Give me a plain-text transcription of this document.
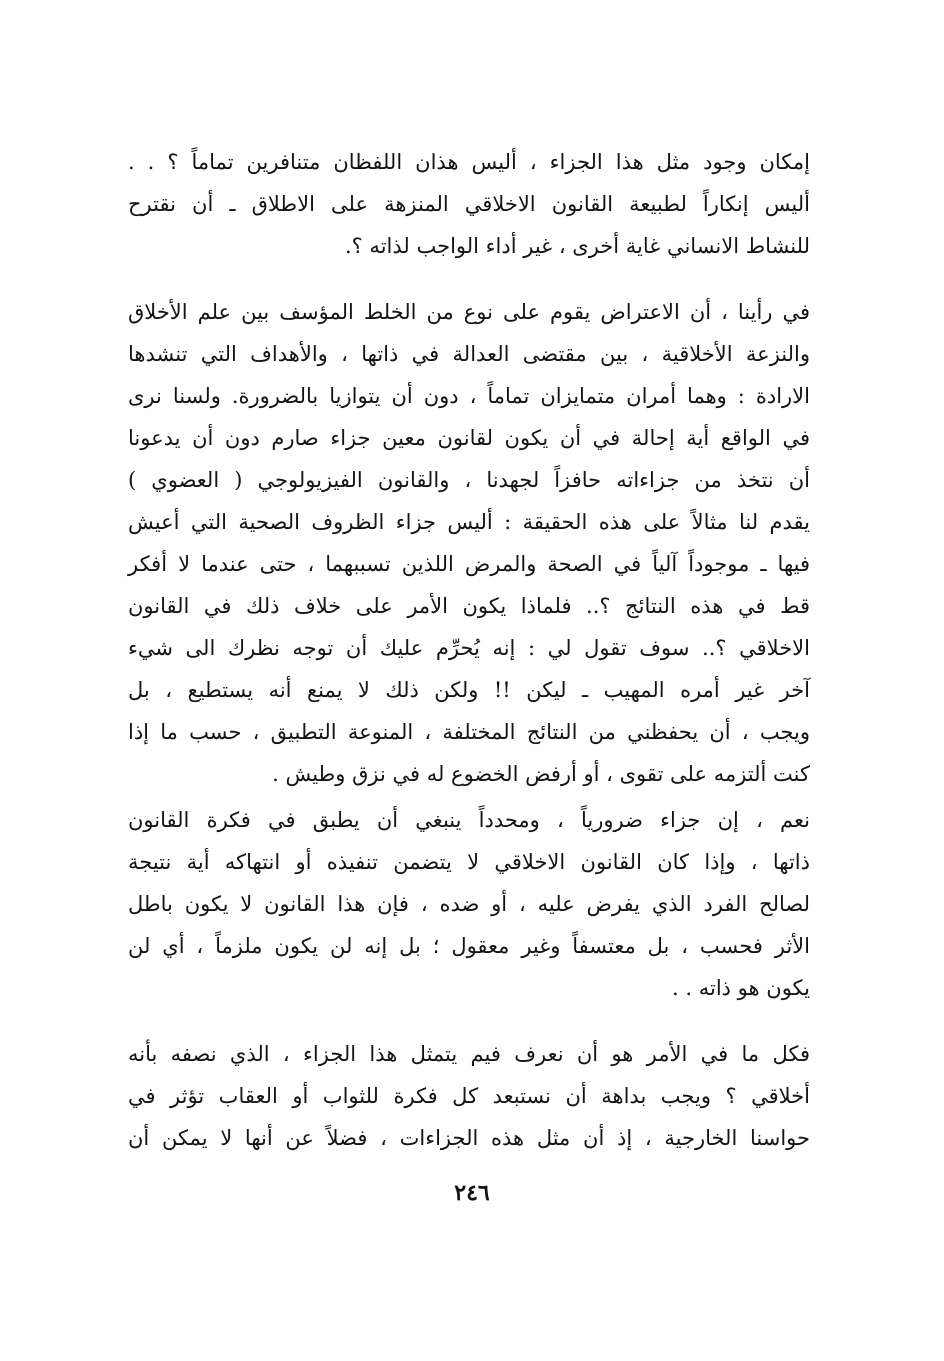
إمكان وجود مثل هذا الجزاء ، أليس هذان اللفظان متنافرين تماماً ؟ . .
أليس إنكاراً لطبيعة القانون الاخلاقي المنزهة على الاطلاق ـ أن نقترح
للنشاط الانساني غاية أخرى ، غير أداء الواجب لذاته ؟.
في رأينا ، أن الاعتراض يقوم على نوع من الخلط المؤسف بين علم الأخلاق
والنزعة الأخلاقية ، بين مقتضى العدالة في ذاتها ، والأهداف التي تنشدها
الارادة : وهما أمران متمايزان تماماً ، دون أن يتوازيا بالضرورة. ولسنا نرى
في الواقع أية إحالة في أن يكون لقانون معين جزاء صارم دون أن يدعونا
أن نتخذ من جزاءاته حافزاً لجهدنا ، والقانون الفيزيولوجي ( العضوي )
يقدم لنا مثالاً على هذه الحقيقة : أليس جزاء الظروف الصحية التي أعيش
فيها ـ موجوداً آلياً في الصحة والمرض اللذين تسببهما ، حتى عندما لا أفكر
قط في هذه النتائج ؟.. فلماذا يكون الأمر على خلاف ذلك في القانون
الاخلاقي ؟.. سوف تقول لي : إنه يُحرِّم عليك أن توجه نظرك الى شيء
آخر غير أمره المهيب ـ ليكن !! ولكن ذلك لا يمنع أنه يستطيع ، بل
ويجب ، أن يحفظني من النتائج المختلفة ، المنوعة التطبيق ، حسب ما إذا
كنت ألتزمه على تقوى ، أو أرفض الخضوع له في نزق وطيش .
نعم ، إن جزاء ضرورياً ، ومحدداً ينبغي أن يطبق في فكرة القانون
ذاتها ، وإذا كان القانون الاخلاقي لا يتضمن تنفيذه أو انتهاكه أية نتيجة
لصالح الفرد الذي يفرض عليه ، أو ضده ، فإن هذا القانون لا يكون باطل
الأثر فحسب ، بل معتسفاً وغير معقول ؛ بل إنه لن يكون ملزماً ، أي لن
يكون هو ذاته . .
فكل ما في الأمر هو أن نعرف فيم يتمثل هذا الجزاء ، الذي نصفه بأنه
أخلاقي ؟ ويجب بداهة أن نستبعد كل فكرة للثواب أو العقاب تؤثر في
حواسنا الخارجية ، إذ أن مثل هذه الجزاءات ، فضلاً عن أنها لا يمكن أن
٢٤٦
